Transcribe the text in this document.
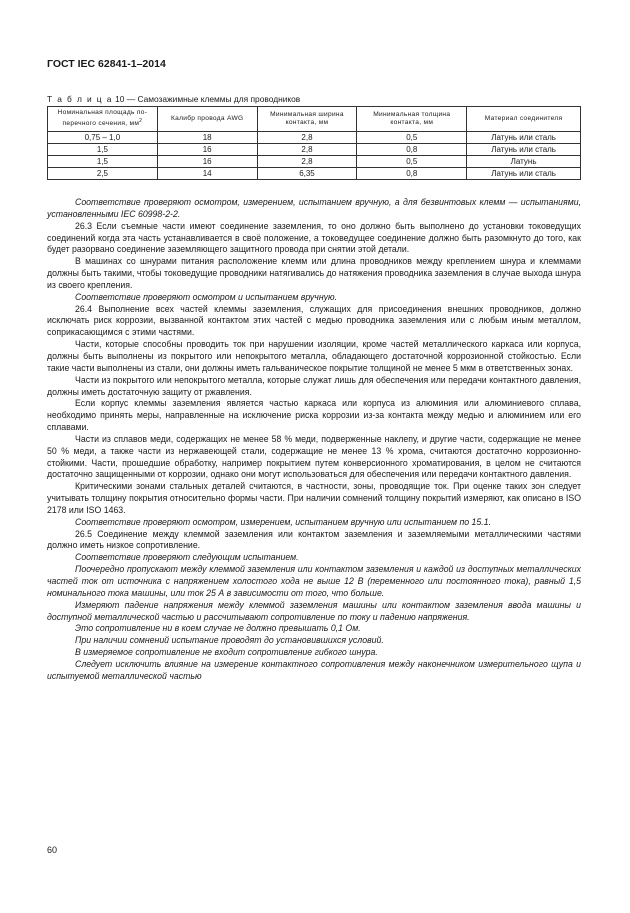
ГОСТ IEC 62841-1–2014
Т а б л и ц а 10 — Самозажимные клеммы для проводников
Номинальная площадь по-
перечного сечения, $мм^2$	Калибр провода AWG	Минимальная ширина контакта, мм	Минимальная толщина контакта, мм	Материал соединителя
0,75 – 1,0	18	2,8	0,5	Латунь или сталь
1,5	16	2,8	0,8	Латунь или сталь
1,5	16	2,8	0,5	Латунь
2,5	14	6,35	0,8	Латунь или сталь

Соответствие проверяют осмотром, измерением, испытанием вручную, а для безвинтовых клемм — испытаниями, установленными IEC 60998-2-2.

26.3 Если съемные части имеют соединение заземления, то оно должно быть выполнено до установки токоведущих соединений когда эта часть устанавливается в своё положение, а токоведущее соединение должно быть разомкнуто до того, как будет разорвано соединение заземляющего защитного провода при снятии этой детали.

В машинах со шнурами питания расположение клемм или длина проводников между креплением шнура и клеммами должны быть такими, чтобы токоведущие проводники натягивались до натяжения проводника заземления в случае выхода шнура из своего крепления.

Соответствие проверяют осмотром и испытанием вручную.

26.4 Выполнение всех частей клеммы заземления, служащих для присоединения внешних проводников, должно исключать риск коррозии, вызванной контактом этих частей с медью проводника заземления или с любым иным металлом, соприкасающимся с этими частями.

Части, которые способны проводить ток при нарушении изоляции, кроме частей металлического каркаса или корпуса, должны быть выполнены из покрытого или непокрытого металла, обладающего достаточной коррозионной стойкостью. Если такие части выполнены из стали, они должны иметь гальваническое покрытие толщиной не менее 5 мкм в ответственных зонах.

Части из покрытого или непокрытого металла, которые служат лишь для обеспечения или передачи контактного давления, должны иметь достаточную защиту от ржавления.

Если корпус клеммы заземления является частью каркаса или корпуса из алюминия или алюминиевого сплава, необходимо принять меры, направленные на исключение риска коррозии из-за контакта между медью и алюминием или его сплавами.

Части из сплавов меди, содержащих не менее 58 % меди, подверженные наклепу, и другие части, содержащие не менее 50 % меди, а также части из нержавеющей стали, содержащие не менее 13 % хрома, считаются достаточно коррозионно-стойкими. Части, прошедшие обработку, например покрытием путем конверсионного хроматирования, в целом не считаются достаточно защищенными от коррозии, однако они могут использоваться для обеспечения или передачи контактного давления.

Критическими зонами стальных деталей считаются, в частности, зоны, проводящие ток. При оценке таких зон следует учитывать толщину покрытия относительно формы части. При наличии сомнений толщину покрытий измеряют, как описано в ISO 2178 или ISO 1463.

Соответствие проверяют осмотром, измерением, испытанием вручную или испытанием по 15.1.

26.5 Соединение между клеммой заземления или контактом заземления и заземляемыми металлическими частями должно иметь низкое сопротивление.

Соответствие проверяют следующим испытанием.

Поочередно пропускают между клеммой заземления или контактом заземления и каждой из доступных металлических частей ток от источника с напряжением холостого хода не выше 12 В (переменного или постоянного тока), равный 1,5 номинального тока машины, или ток 25 А в зависимости от того, что больше.

Измеряют падение напряжения между клеммой заземления машины или контактом заземления ввода машины и доступной металлической частью и рассчитывают сопротивление по току и падению напряжения.

Это сопротивление ни в коем случае не должно превышать 0,1 Ом.

При наличии сомнений испытание проводят до установившихся условий.

В измеряемое сопротивление не входит сопротивление гибкого шнура.

Следует исключить влияние на измерение контактного сопротивления между наконечником измерительного щупа и испытуемой металлической частью

60
